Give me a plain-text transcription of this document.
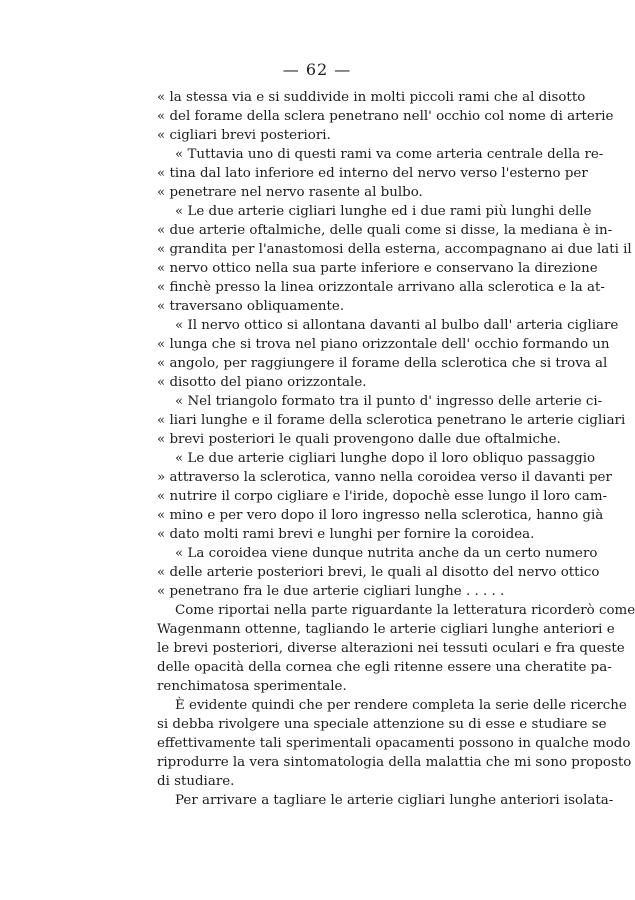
— 62 —
« la stessa via e si suddivide in molti piccoli rami che al disotto
« del forame della sclera penetrano nell' occhio col nome di arterie
« cigliari brevi posteriori.
« Tuttavia uno di questi rami va come arteria centrale della re-
« tina dal lato inferiore ed interno del nervo verso l'esterno per
« penetrare nel nervo rasente al bulbo.
« Le due arterie cigliari lunghe ed i due rami più lunghi delle
« due arterie oftalmiche, delle quali come si disse, la mediana è in-
« grandita per l'anastomosi della esterna, accompagnano ai due lati il
« nervo ottico nella sua parte inferiore e conservano la direzione
« finchè presso la linea orizzontale arrivano alla sclerotica e la at-
« traversano obliquamente.
« Il nervo ottico si allontana davanti al bulbo dall' arteria cigliare
« lunga che si trova nel piano orizzontale dell' occhio formando un
« angolo, per raggiungere il forame della sclerotica che si trova al
« disotto del piano orizzontale.
« Nel triangolo formato tra il punto d' ingresso delle arterie ci-
« liari lunghe e il forame della sclerotica penetrano le arterie cigliari
« brevi posteriori le quali provengono dalle due oftalmiche.
« Le due arterie cigliari lunghe dopo il loro obliquo passaggio
» attraverso la sclerotica, vanno nella coroidea verso il davanti per
« nutrire il corpo cigliare e l'iride, dopochè esse lungo il loro cam-
« mino e per vero dopo il loro ingresso nella sclerotica, hanno già
« dato molti rami brevi e lunghi per fornire la coroidea.
« La coroidea viene dunque nutrita anche da un certo numero
« delle arterie posteriori brevi, le quali al disotto del nervo ottico
« penetrano fra le due arterie cigliari lunghe . . . . .
Come riportai nella parte riguardante la letteratura ricorderò come
Wagenmann ottenne, tagliando le arterie cigliari lunghe anteriori e
le brevi posteriori, diverse alterazioni nei tessuti oculari e fra queste
delle opacità della cornea che egli ritenne essere una cheratite pa-
renchimatosa sperimentale.
È evidente quindi che per rendere completa la serie delle ricerche
si debba rivolgere una speciale attenzione su di esse e studiare se
effettivamente tali sperimentali opacamenti possono in qualche modo
riprodurre la vera sintomatologia della malattia che mi sono proposto
di studiare.
Per arrivare a tagliare le arterie cigliari lunghe anteriori isolata-
